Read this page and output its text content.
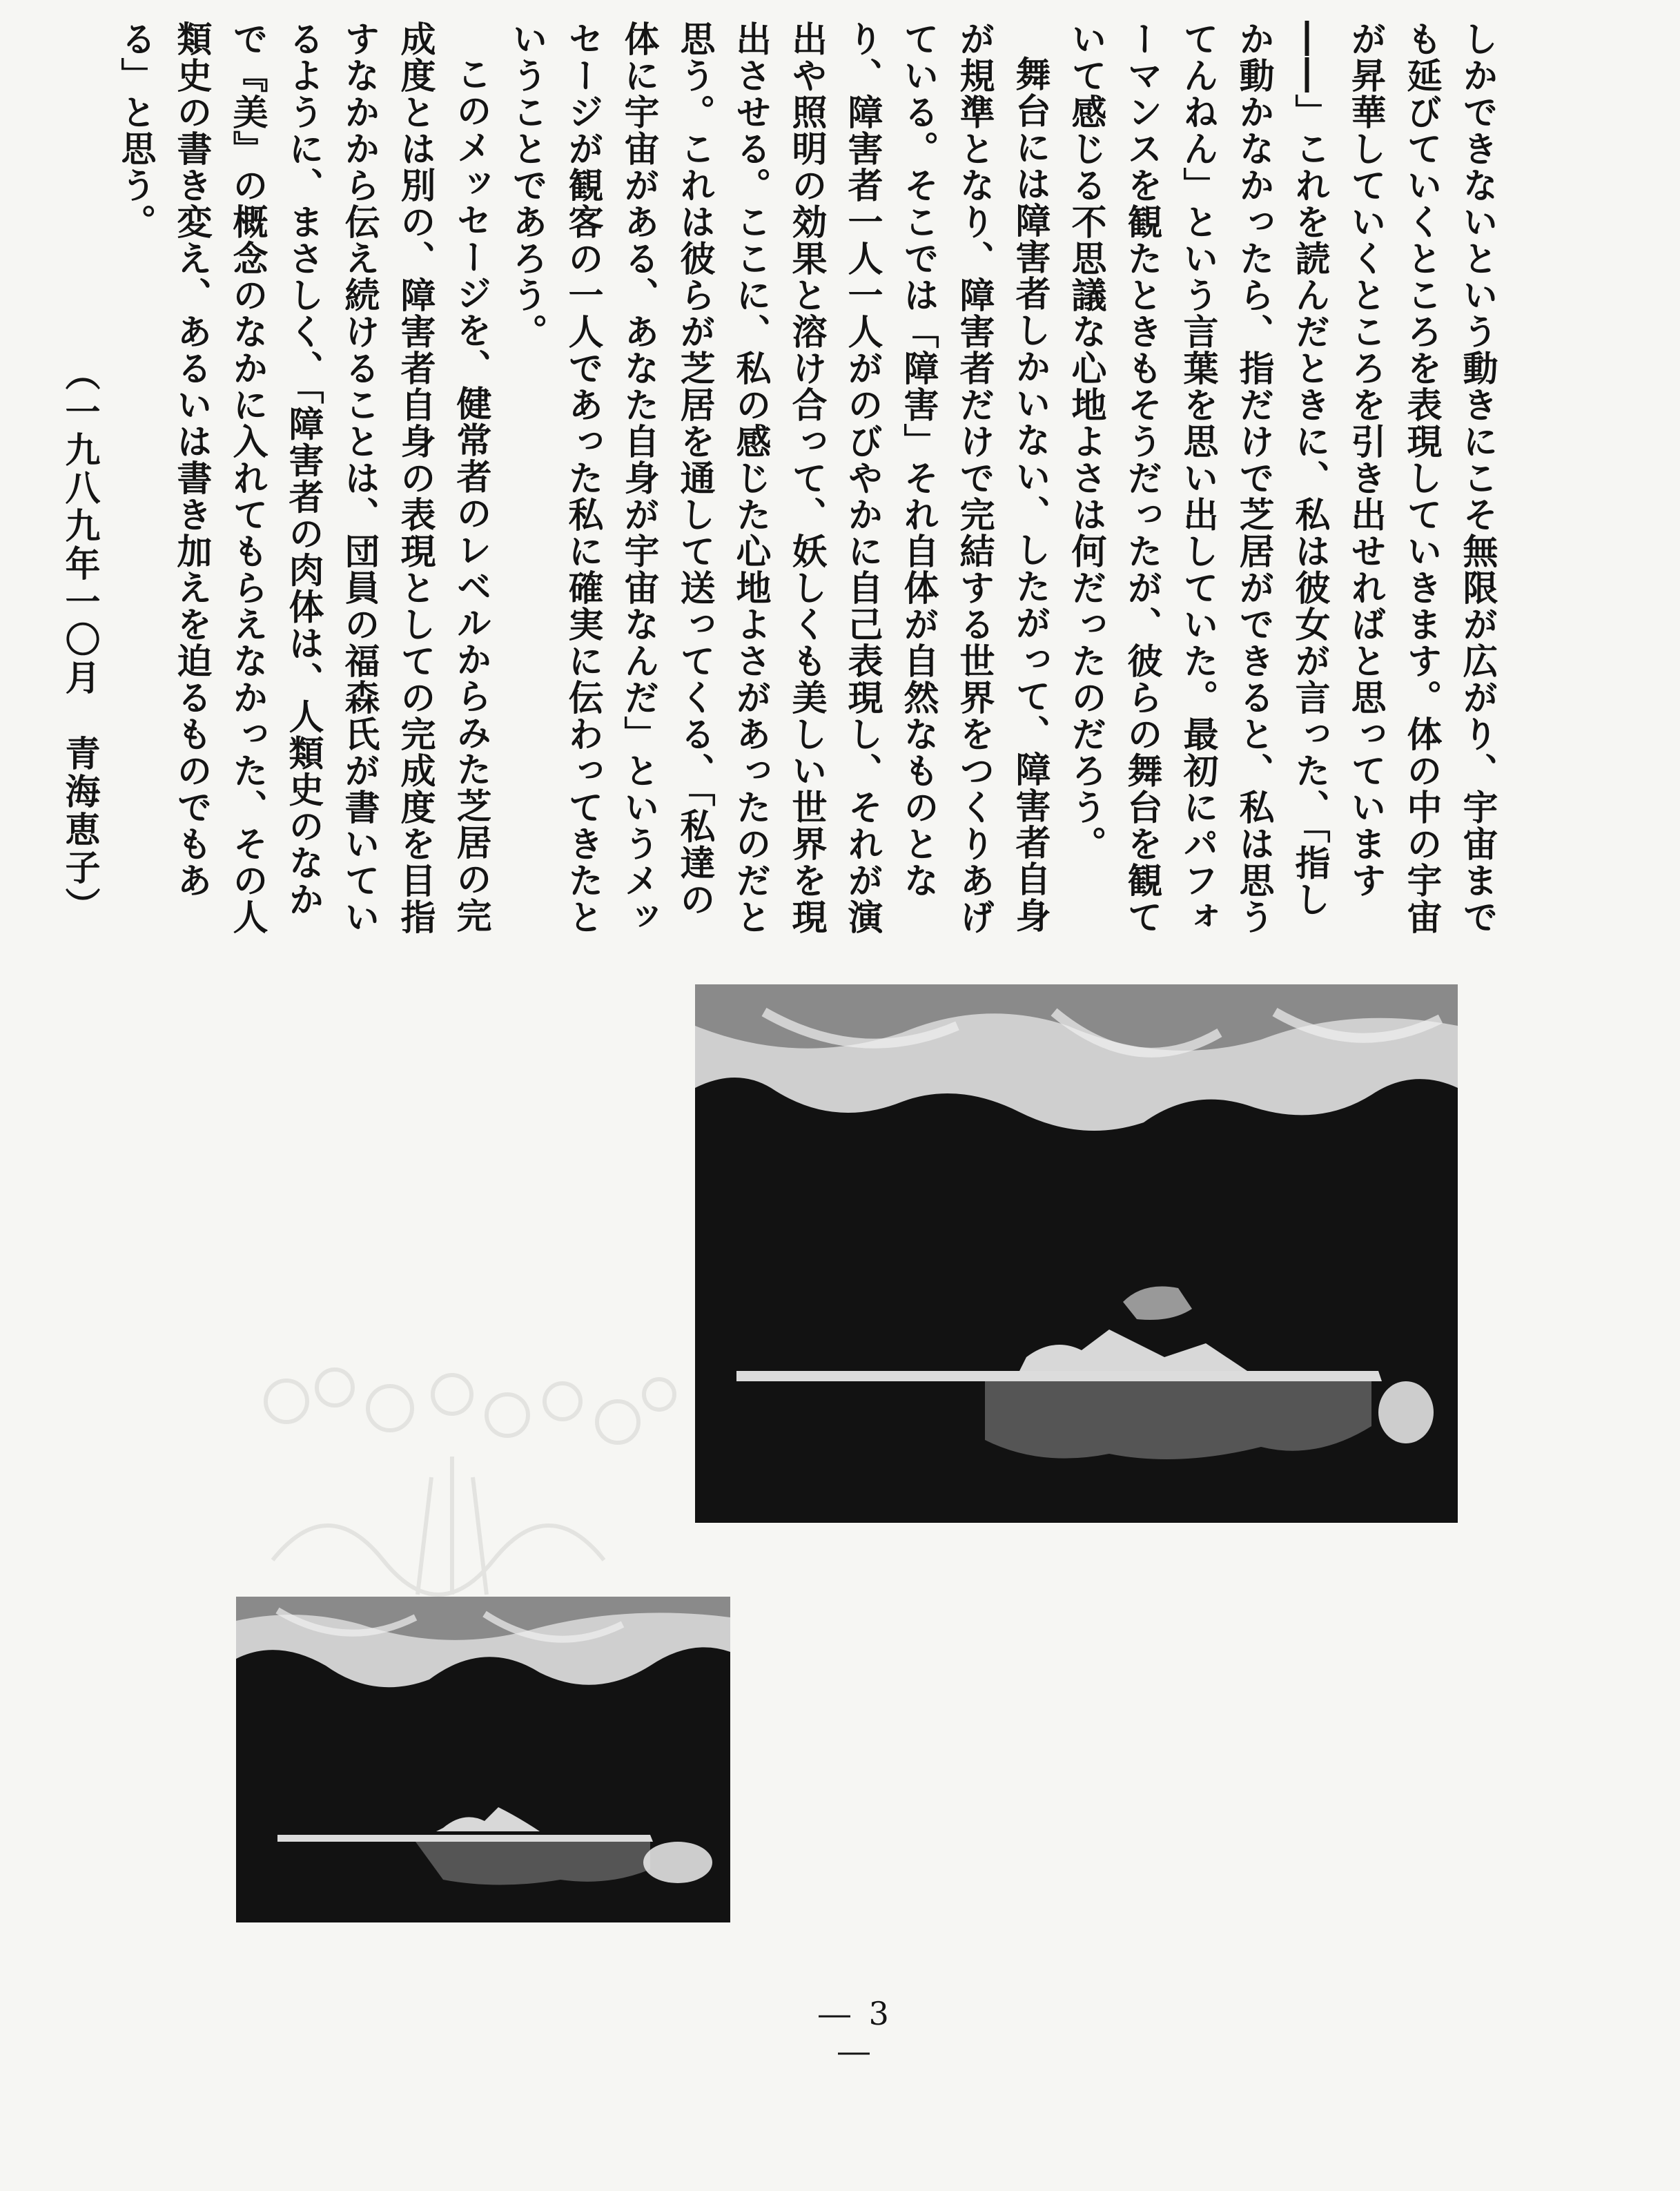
しかできないという動きにこそ無限が広がり、宇宙までも延びていくところを表現していきます。体の中の宇宙が昇華していくところを引き出せればと思っています――」これを読んだときに、私は彼女が言った、「指しか動かなかったら、指だけで芝居ができると、私は思うてんねん」という言葉を思い出していた。最初にパフォーマンスを観たときもそうだったが、彼らの舞台を観ていて感じる不思議な心地よさは何だったのだろう。

舞台には障害者しかいない、したがって、障害者自身が規準となり、障害者だけで完結する世界をつくりあげている。そこでは「障害」それ自体が自然なものとなり、障害者一人一人がのびやかに自己表現し、それが演出や照明の効果と溶け合って、妖しくも美しい世界を現出させる。ここに、私の感じた心地よさがあったのだと思う。これは彼らが芝居を通して送ってくる、「私達の体に宇宙がある、あなた自身が宇宙なんだ」というメッセージが観客の一人であった私に確実に伝わってきたということであろう。

このメッセージを、健常者のレベルからみた芝居の完成度とは別の、障害者自身の表現としての完成度を目指すなかから伝え続けることは、団員の福森氏が書いているように、まさしく、「障害者の肉体は、人類史のなかで『美』の概念のなかに入れてもらえなかった、その人類史の書き変え、あるいは書き加えを迫るものでもある」と思う。

（一九八九年一〇月　青海恵子）
― 3 ―
